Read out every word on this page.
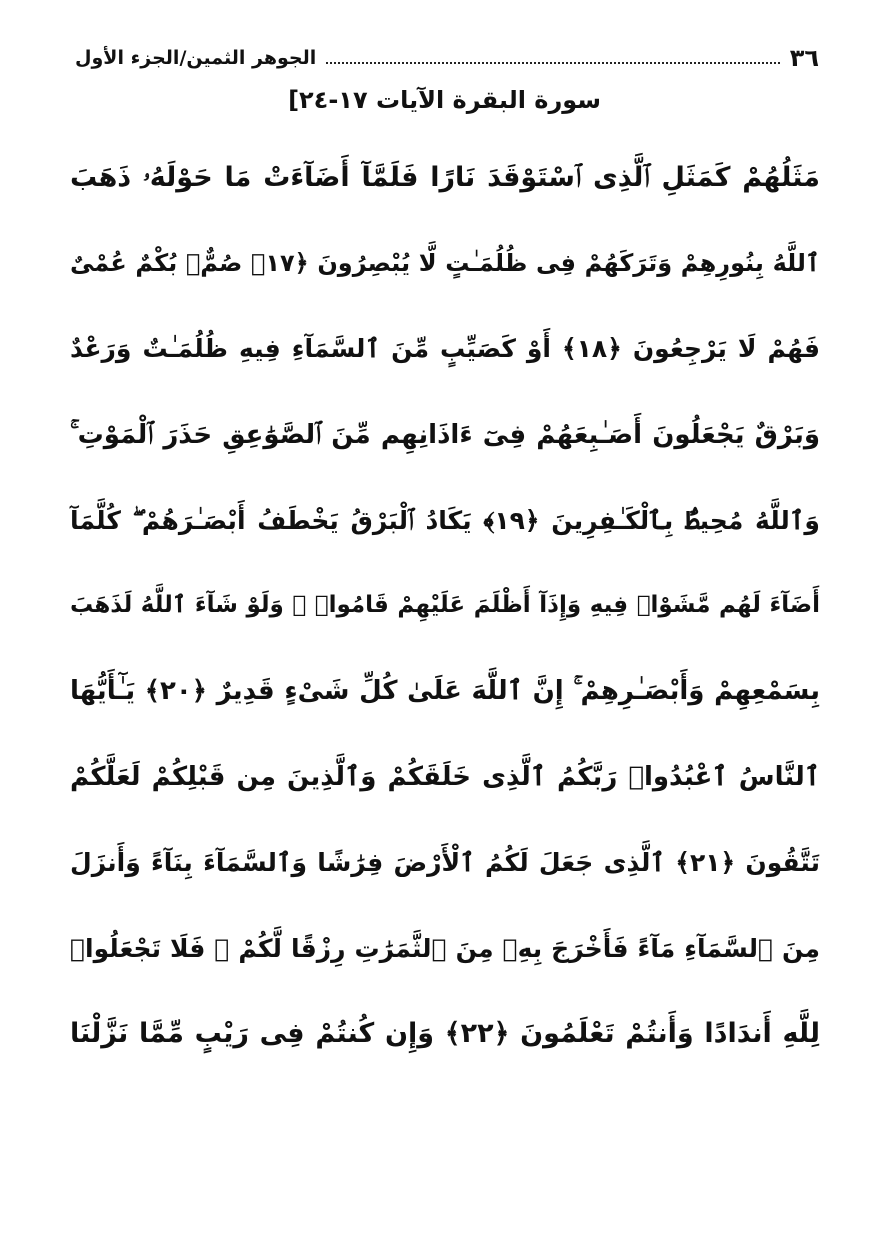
٣٦
الجوهر الثمين/الجزء الأول
سورة البقرة الآيات ١٧-٢٤]
مَثَلُهُمْ كَمَثَلِ ٱلَّذِى ٱسْتَوْقَدَ نَارًا فَلَمَّآ أَضَآءَتْ مَا حَوْلَهُۥ ذَهَبَ
ٱللَّهُ بِنُورِهِمْ وَتَرَكَهُمْ فِى ظُلُمَـٰتٍ لَّا يُبْصِرُونَ ﴿١٧﴾ صُمٌّۢ بُكْمٌ عُمْىٌ
فَهُمْ لَا يَرْجِعُونَ ﴿١٨﴾ أَوْ كَصَيِّبٍ مِّنَ ٱلسَّمَآءِ فِيهِ ظُلُمَـٰتٌ وَرَعْدٌ
وَبَرْقٌ يَجْعَلُونَ أَصَـٰبِعَهُمْ فِىٓ ءَاذَانِهِم مِّنَ ٱلصَّوَٰعِقِ حَذَرَ ٱلْمَوْتِ ۚ
وَٱللَّهُ مُحِيطٌۢ بِٱلْكَـٰفِرِينَ ﴿١٩﴾ يَكَادُ ٱلْبَرْقُ يَخْطَفُ أَبْصَـٰرَهُمْ ۖ كُلَّمَآ
أَضَآءَ لَهُم مَّشَوْا۟ فِيهِ وَإِذَآ أَظْلَمَ عَلَيْهِمْ قَامُوا۟ ۚ وَلَوْ شَآءَ ٱللَّهُ لَذَهَبَ
بِسَمْعِهِمْ وَأَبْصَـٰرِهِمْ ۚ إِنَّ ٱللَّهَ عَلَىٰ كُلِّ شَىْءٍ قَدِيرٌ ﴿٢٠﴾ يَـٰٓأَيُّهَا
ٱلنَّاسُ ٱعْبُدُوا۟ رَبَّكُمُ ٱلَّذِى خَلَقَكُمْ وَٱلَّذِينَ مِن قَبْلِكُمْ لَعَلَّكُمْ
تَتَّقُونَ ﴿٢١﴾ ٱلَّذِى جَعَلَ لَكُمُ ٱلْأَرْضَ فِرَٰشًا وَٱلسَّمَآءَ بِنَآءً وَأَنزَلَ
مِنَ ٱلسَّمَآءِ مَآءً فَأَخْرَجَ بِهِۦ مِنَ ٱلثَّمَرَٰتِ رِزْقًا لَّكُمْ ۖ فَلَا تَجْعَلُوا۟
لِلَّهِ أَندَادًا وَأَنتُمْ تَعْلَمُونَ ﴿٢٢﴾ وَإِن كُنتُمْ فِى رَيْبٍ مِّمَّا نَزَّلْنَا
